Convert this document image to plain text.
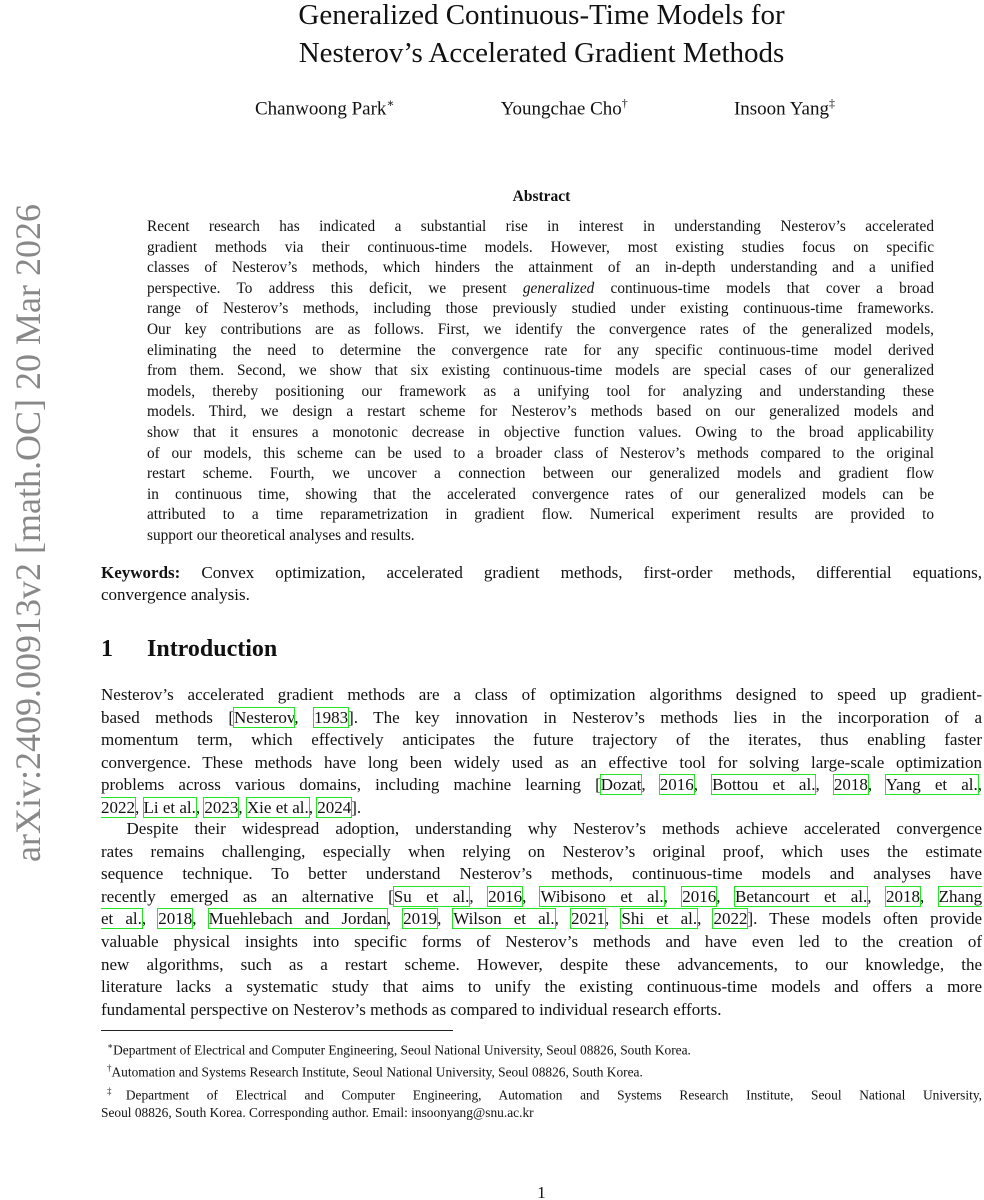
arXiv:2409.00913v2 [math.OC] 20 Mar 2026
Generalized Continuous-Time Models for
Nesterov’s Accelerated Gradient Methods
Chanwoong Park∗	Youngchae Cho†	Insoon Yang‡
Abstract
Recent research has indicated a substantial rise in interest in understanding Nesterov’s accelerated
gradient methods via their continuous-time models. However, most existing studies focus on specific
classes of Nesterov’s methods, which hinders the attainment of an in-depth understanding and a unified
perspective. To address this deficit, we present generalized continuous-time models that cover a broad
range of Nesterov’s methods, including those previously studied under existing continuous-time frameworks.
Our key contributions are as follows. First, we identify the convergence rates of the generalized models,
eliminating the need to determine the convergence rate for any specific continuous-time model derived
from them. Second, we show that six existing continuous-time models are special cases of our generalized
models, thereby positioning our framework as a unifying tool for analyzing and understanding these
models. Third, we design a restart scheme for Nesterov’s methods based on our generalized models and
show that it ensures a monotonic decrease in objective function values. Owing to the broad applicability
of our models, this scheme can be used to a broader class of Nesterov’s methods compared to the original
restart scheme. Fourth, we uncover a connection between our generalized models and gradient flow
in continuous time, showing that the accelerated convergence rates of our generalized models can be
attributed to a time reparametrization in gradient flow. Numerical experiment results are provided to
support our theoretical analyses and results.
Keywords: Convex optimization, accelerated gradient methods, first-order methods, differential equations,
convergence analysis.
1 Introduction
Nesterov’s accelerated gradient methods are a class of optimization algorithms designed to speed up gradient-
based methods [Nesterov, 1983]. The key innovation in Nesterov’s methods lies in the incorporation of a
momentum term, which effectively anticipates the future trajectory of the iterates, thus enabling faster
convergence. These methods have long been widely used as an effective tool for solving large-scale optimization
problems across various domains, including machine learning [Dozat, 2016, Bottou et al., 2018, Yang et al.,
2022, Li et al., 2023, Xie et al., 2024].
  Despite their widespread adoption, understanding why Nesterov’s methods achieve accelerated convergence
rates remains challenging, especially when relying on Nesterov’s original proof, which uses the estimate
sequence technique. To better understand Nesterov’s methods, continuous-time models and analyses have
recently emerged as an alternative [Su et al., 2016, Wibisono et al., 2016, Betancourt et al., 2018, Zhang
et al., 2018, Muehlebach and Jordan, 2019, Wilson et al., 2021, Shi et al., 2022]. These models often provide
valuable physical insights into specific forms of Nesterov’s methods and have even led to the creation of
new algorithms, such as a restart scheme. However, despite these advancements, to our knowledge, the
literature lacks a systematic study that aims to unify the existing continuous-time models and offers a more
fundamental perspective on Nesterov’s methods as compared to individual research efforts.
∗Department of Electrical and Computer Engineering, Seoul National University, Seoul 08826, South Korea.
†Automation and Systems Research Institute, Seoul National University, Seoul 08826, South Korea.
‡Department of Electrical and Computer Engineering, Automation and Systems Research Institute, Seoul National University,
Seoul 08826, South Korea. Corresponding author. Email: insoonyang@snu.ac.kr
1
